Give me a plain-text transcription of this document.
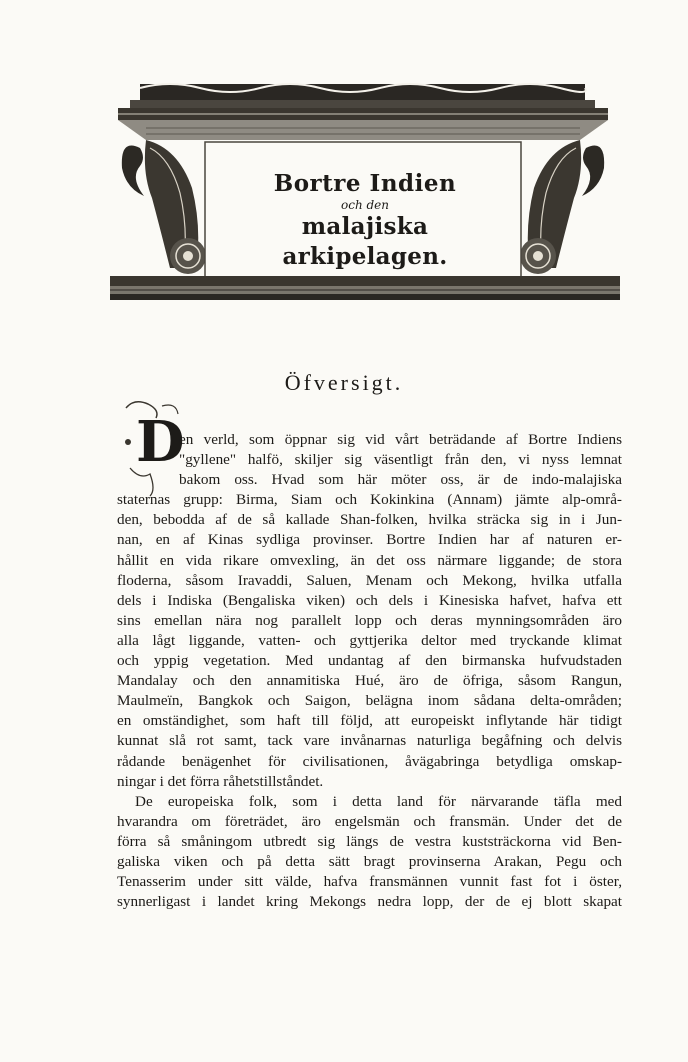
Bortre Indien
och den
malajiska arkipelagen.
Öfversigt.
D
en verld, som öppnar sig vid vårt beträdande af Bortre Indiens
"gyllene" halfö, skiljer sig väsentligt från den, vi nyss lemnat
bakom oss. Hvad som här möter oss, är de indo-malajiska
staternas grupp: Birma, Siam och Kokinkina (Annam) jämte alp-områ-
den, bebodda af de så kallade Shan-folken, hvilka sträcka sig in i Jun-
nan, en af Kinas sydliga provinser. Bortre Indien har af naturen er-
hållit en vida rikare omvexling, än det oss närmare liggande; de stora
floderna, såsom Iravaddi, Saluen, Menam och Mekong, hvilka utfalla
dels i Indiska (Bengaliska viken) och dels i Kinesiska hafvet, hafva ett
sins emellan nära nog parallelt lopp och deras mynningsområden äro
alla lågt liggande, vatten- och gyttjerika deltor med tryckande klimat
och yppig vegetation. Med undantag af den birmanska hufvudstaden
Mandalay och den annamitiska Hué, äro de öfriga, såsom Rangun,
Maulmeïn, Bangkok och Saigon, belägna inom sådana delta-områden;
en omständighet, som haft till följd, att europeiskt inflytande här tidigt
kunnat slå rot samt, tack vare invånarnas naturliga begåfning och delvis
rådande benägenhet för civilisationen, åvägabringa betydliga omskap-
ningar i det förra råhetstillståndet.
De europeiska folk, som i detta land för närvarande täfla med
hvarandra om företrädet, äro engelsmän och fransmän. Under det de
förra så småningom utbredt sig längs de vestra kuststräckorna vid Ben-
galiska viken och på detta sätt bragt provinserna Arakan, Pegu och
Tenasserim under sitt välde, hafva fransmännen vunnit fast fot i öster,
synnerligast i landet kring Mekongs nedra lopp, der de ej blott skapat
